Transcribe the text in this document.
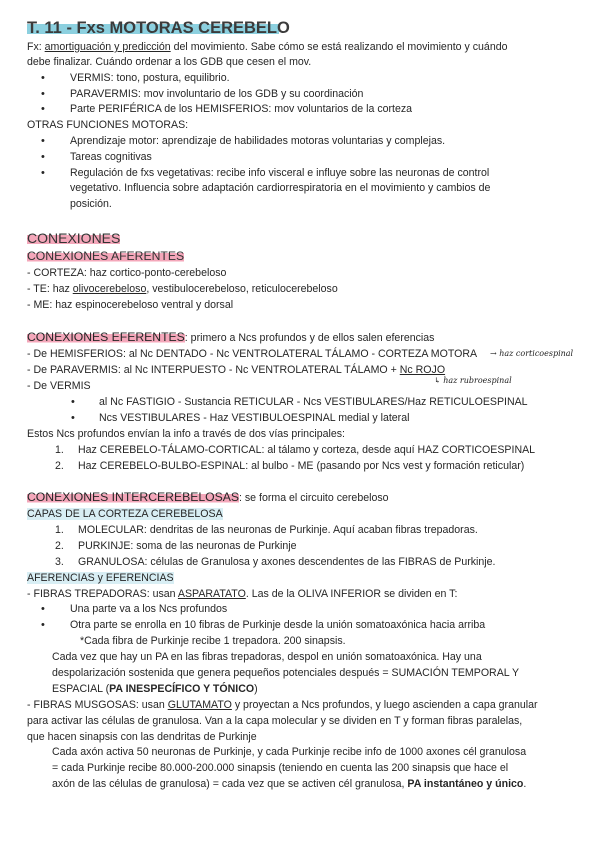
T. 11 - Fxs MOTORAS CEREBELO
Fx: amortiguación y predicción del movimiento. Sabe cómo se está realizando el movimiento y cuándo
debe finalizar. Cuándo ordenar a los GDB que cesen el mov.
• VERMIS: tono, postura, equilibrio.
• PARAVERMIS: mov involuntario de los GDB y su coordinación
• Parte PERIFÉRICA de los HEMISFERIOS: mov voluntarios de la corteza
OTRAS FUNCIONES MOTORAS:
• Aprendizaje motor: aprendizaje de habilidades motoras voluntarias y complejas.
• Tareas cognitivas
• Regulación de fxs vegetativas: recibe info visceral e influye sobre las neuronas de control
vegetativo. Influencia sobre adaptación cardiorrespiratoria en el movimiento y cambios de
posición.
CONEXIONES
CONEXIONES AFERENTES
- CORTEZA: haz cortico-ponto-cerebeloso
- TE: haz olivocerebeloso, vestibulocerebeloso, reticulocerebeloso
- ME: haz espinocerebeloso ventral y dorsal
CONEXIONES EFERENTES: primero a Ncs profundos y de ellos salen eferencias
- De HEMISFERIOS: al Nc DENTADO - Nc VENTROLATERAL TÁLAMO - CORTEZA MOTORA → haz corticoespinal
- De PARAVERMIS: al Nc INTERPUESTO - Nc VENTROLATERAL TÁLAMO + Nc ROJO
↳ haz rubroespinal
- De VERMIS
• al Nc FASTIGIO - Sustancia RETICULAR - Ncs VESTIBULARES/Haz RETICULOESPINAL
• Ncs VESTIBULARES - Haz VESTIBULOESPINAL medial y lateral
Estos Ncs profundos envían la info a través de dos vías principales:
1. Haz CEREBELO-TÁLAMO-CORTICAL: al tálamo y corteza, desde aquí HAZ CORTICOESPINAL
2. Haz CEREBELO-BULBO-ESPINAL: al bulbo - ME (pasando por Ncs vest y formación reticular)
CONEXIONES INTERCEREBELOSAS: se forma el circuito cerebeloso
CAPAS DE LA CORTEZA CEREBELOSA
1. MOLECULAR: dendritas de las neuronas de Purkinje. Aquí acaban fibras trepadoras.
2. PURKINJE: soma de las neuronas de Purkinje
3. GRANULOSA: células de Granulosa y axones descendentes de las FIBRAS de Purkinje.
AFERENCIAS y EFERENCIAS
- FIBRAS TREPADORAS: usan ASPARATATO. Las de la OLIVA INFERIOR se dividen en T:
• Una parte va a los Ncs profundos
• Otra parte se enrolla en 10 fibras de Purkinje desde la unión somatoaxónica hacia arriba
*Cada fibra de Purkinje recibe 1 trepadora. 200 sinapsis.
Cada vez que hay un PA en las fibras trepadoras, despol en unión somatoaxónica. Hay una
despolarización sostenida que genera pequeños potenciales después = SUMACIÓN TEMPORAL Y
ESPACIAL (PA INESPECÍFICO Y TÓNICO)
- FIBRAS MUSGOSAS: usan GLUTAMATO y proyectan a Ncs profundos, y luego ascienden a capa granular
para activar las células de granulosa. Van a la capa molecular y se dividen en T y forman fibras paralelas,
que hacen sinapsis con las dendritas de Purkinje
Cada axón activa 50 neuronas de Purkinje, y cada Purkinje recibe info de 1000 axones cél granulosa
= cada Purkinje recibe 80.000-200.000 sinapsis (teniendo en cuenta las 200 sinapsis que hace el
axón de las células de granulosa) = cada vez que se activen cél granulosa, PA instantáneo y único.
